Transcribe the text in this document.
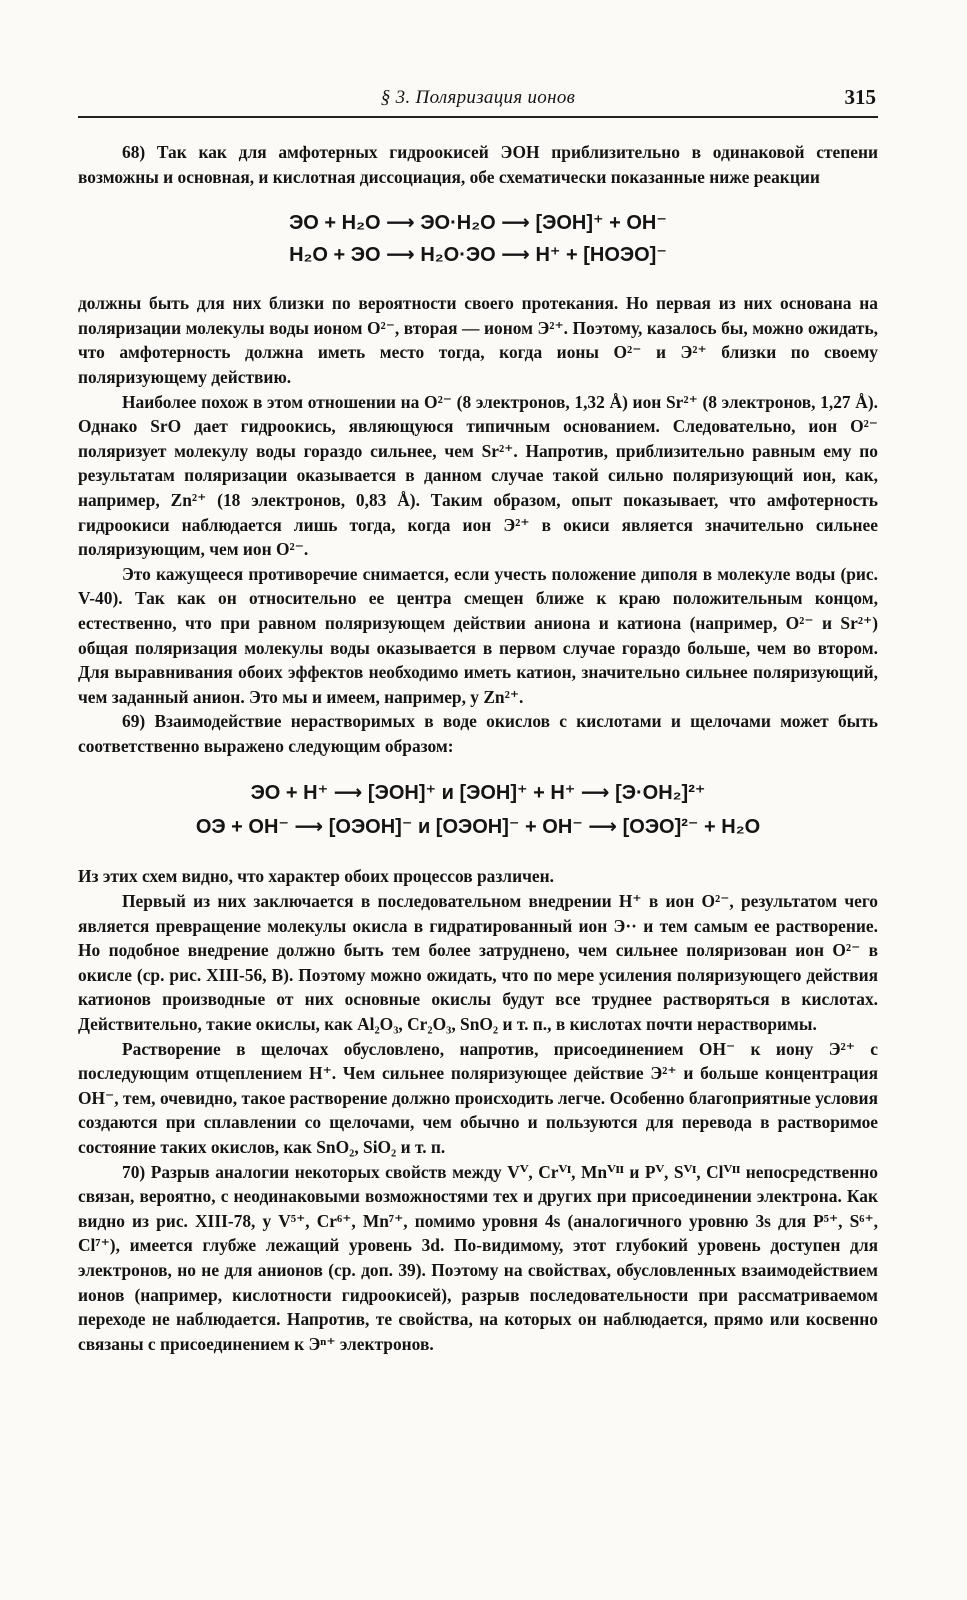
§ 3. Поляризация ионов	315

68) Так как для амфотерных гидроокисей ЭОН приблизительно в одинаковой степени возможны и основная, и кислотная диссоциация, обе схематически показанные ниже реакции

ЭО + H₂O ⟶ ЭО·H₂O ⟶ [ЭОН]⁺ + OH⁻
H₂O + ЭО ⟶ H₂O·ЭО ⟶ H⁺ + [HОЭО]⁻

должны быть для них близки по вероятности своего протекания. Но первая из них основана на поляризации молекулы воды ионом O²⁻, вторая — ионом Э²⁺. Поэтому, казалось бы, можно ожидать, что амфотерность должна иметь место тогда, когда ионы O²⁻ и Э²⁺ близки по своему поляризующему действию.

Наиболее похож в этом отношении на O²⁻ (8 электронов, 1,32 Å) ион Sr²⁺ (8 электронов, 1,27 Å). Однако SrO дает гидроокись, являющуюся типичным основанием. Следовательно, ион O²⁻ поляризует молекулу воды гораздо сильнее, чем Sr²⁺. Напротив, приблизительно равным ему по результатам поляризации оказывается в данном случае такой сильно поляризующий ион, как, например, Zn²⁺ (18 электронов, 0,83 Å). Таким образом, опыт показывает, что амфотерность гидроокиси наблюдается лишь тогда, когда ион Э²⁺ в окиси является значительно сильнее поляризующим, чем ион O²⁻.

Это кажущееся противоречие снимается, если учесть положение диполя в молекуле воды (рис. V-40). Так как он относительно ее центра смещен ближе к краю положительным концом, естественно, что при равном поляризующем действии аниона и катиона (например, O²⁻ и Sr²⁺) общая поляризация молекулы воды оказывается в первом случае гораздо больше, чем во втором. Для выравнивания обоих эффектов необходимо иметь катион, значительно сильнее поляризующий, чем заданный анион. Это мы и имеем, например, у Zn²⁺.

69) Взаимодействие нерастворимых в воде окислов с кислотами и щелочами может быть соответственно выражено следующим образом:

ЭО + H⁺ ⟶ [ЭОН]⁺ и [ЭОН]⁺ + H⁺ ⟶ [Э·OH₂]²⁺
OЭ + OH⁻ ⟶ [OЭOH]⁻ и [OЭOH]⁻ + OH⁻ ⟶ [OЭO]²⁻ + H₂O

Из этих схем видно, что характер обоих процессов различен.

Первый из них заключается в последовательном внедрении H⁺ в ион O²⁻, результатом чего является превращение молекулы окисла в гидратированный ион Э·· и тем самым ее растворение. Но подобное внедрение должно быть тем более затруднено, чем сильнее поляризован ион O²⁻ в окисле (ср. рис. XIII-56, B). Поэтому можно ожидать, что по мере усиления поляризующего действия катионов производные от них основные окислы будут все труднее растворяться в кислотах. Действительно, такие окислы, как Al₂O₃, Cr₂O₃, SnO₂ и т. п., в кислотах почти нерастворимы.

Растворение в щелочах обусловлено, напротив, присоединением OH⁻ к иону Э²⁺ с последующим отщеплением H⁺. Чем сильнее поляризующее действие Э²⁺ и больше концентрация OH⁻, тем, очевидно, такое растворение должно происходить легче. Особенно благоприятные условия создаются при сплавлении со щелочами, чем обычно и пользуются для перевода в растворимое состояние таких окислов, как SnO₂, SiO₂ и т. п.

70) Разрыв аналогии некоторых свойств между Vⱽ, Crⱽᴵ, Mnⱽᴵᴵ и Pⱽ, Sⱽᴵ, Clⱽᴵᴵ непосредственно связан, вероятно, с неодинаковыми возможностями тех и других при присоединении электрона. Как видно из рис. XIII-78, у V⁵⁺, Cr⁶⁺, Mn⁷⁺, помимо уровня 4s (аналогичного уровню 3s для P⁵⁺, S⁶⁺, Cl⁷⁺), имеется глубже лежащий уровень 3d. По-видимому, этот глубокий уровень доступен для электронов, но не для анионов (ср. доп. 39). Поэтому на свойствах, обусловленных взаимодействием ионов (например, кислотности гидроокисей), разрыв последовательности при рассматриваемом переходе не наблюдается. Напротив, те свойства, на которых он наблюдается, прямо или косвенно связаны с присоединением к Эⁿ⁺ электронов.
